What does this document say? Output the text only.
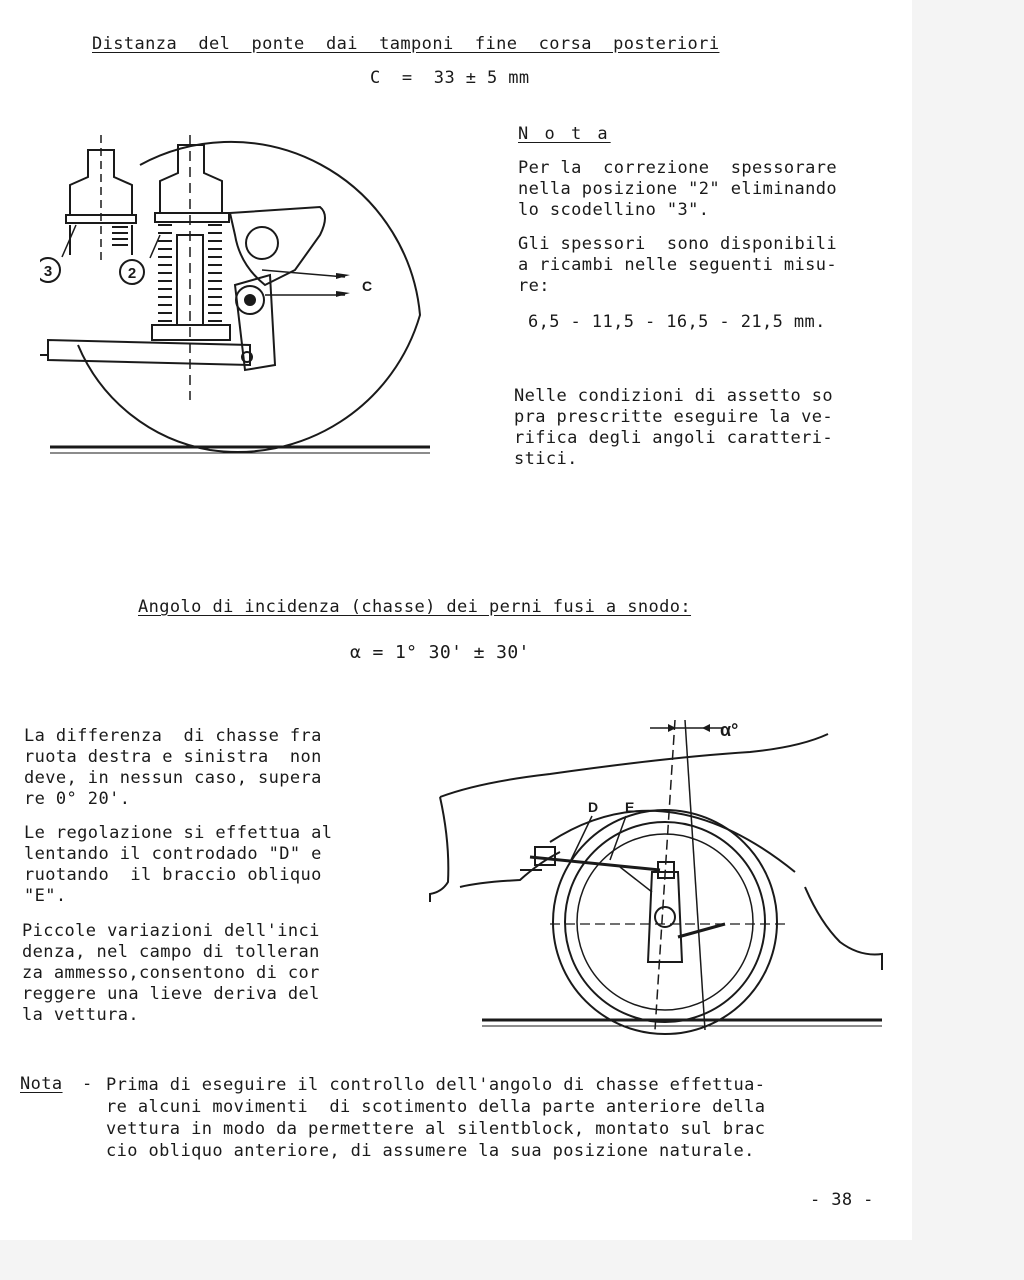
Distanza  del  ponte  dai  tamponi  fine  corsa  posteriori
C  =  33 ± 5 mm
3	2
C
N o t a
Per la  correzione  spessorare
nella posizione "2" eliminando
lo scodellino "3".
Gli spessori  sono disponibili
a ricambi nelle seguenti misu-
re:
6,5 - 11,5 - 16,5 - 21,5 mm.
Nelle condizioni di assetto so
pra prescritte eseguire la ve-
rifica degli angoli caratteri-
stici.
Angolo di incidenza (chasse) dei perni fusi a snodo:
α = 1° 30' ± 30'
La differenza  di chasse fra
ruota destra e sinistra  non
deve, in nessun caso, supera
re 0° 20'.
Le regolazione si effettua al
lentando il controdado "D" e
ruotando  il braccio obliquo
"E".
Piccole variazioni dell'inci
denza, nel campo di tolleran
za ammesso,consentono di cor
reggere una lieve deriva del
la vettura.
α°
D E
Nota - Prima di eseguire il controllo dell'angolo di chasse effettua-
re alcuni movimenti  di scotimento della parte anteriore della
vettura in modo da permettere al silentblock, montato sul brac
cio obliquo anteriore, di assumere la sua posizione naturale.
- 38 -
